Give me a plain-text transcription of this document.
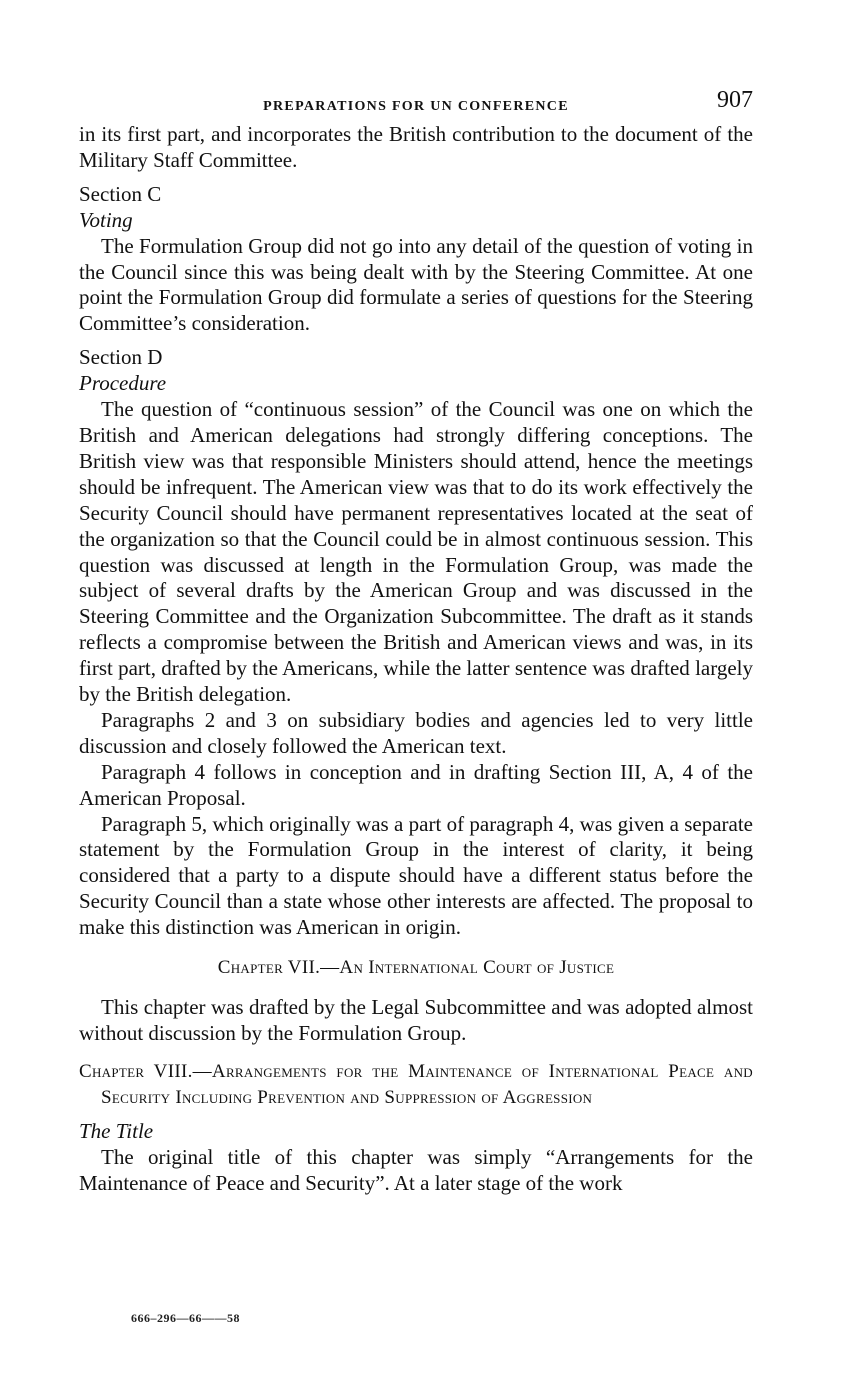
PREPARATIONS FOR UN CONFERENCE	907

in its first part, and incorporates the British contribution to the document of the Military Staff Committee.

Section C
Voting

The Formulation Group did not go into any detail of the question of voting in the Council since this was being dealt with by the Steering Committee. At one point the Formulation Group did formulate a series of questions for the Steering Committee’s consideration.

Section D
Procedure

The question of “continuous session” of the Council was one on which the British and American delegations had strongly differing conceptions. The British view was that responsible Ministers should attend, hence the meetings should be infrequent. The American view was that to do its work effectively the Security Council should have permanent representatives located at the seat of the organization so that the Council could be in almost continuous session. This question was discussed at length in the Formulation Group, was made the subject of several drafts by the American Group and was discussed in the Steering Committee and the Organization Subcommittee. The draft as it stands reflects a compromise between the British and American views and was, in its first part, drafted by the Americans, while the latter sentence was drafted largely by the British delegation.

Paragraphs 2 and 3 on subsidiary bodies and agencies led to very little discussion and closely followed the American text.

Paragraph 4 follows in conception and in drafting Section III, A, 4 of the American Proposal.

Paragraph 5, which originally was a part of paragraph 4, was given a separate statement by the Formulation Group in the interest of clarity, it being considered that a party to a dispute should have a different status before the Security Council than a state whose other interests are affected. The proposal to make this distinction was American in origin.

Chapter VII.—An International Court of Justice

This chapter was drafted by the Legal Subcommittee and was adopted almost without discussion by the Formulation Group.

Chapter VIII.—Arrangements for the Maintenance of International Peace and Security Including Prevention and Suppression of Aggression
The Title

The original title of this chapter was simply “Arrangements for the Maintenance of Peace and Security”. At a later stage of the work

666–296—66——58
